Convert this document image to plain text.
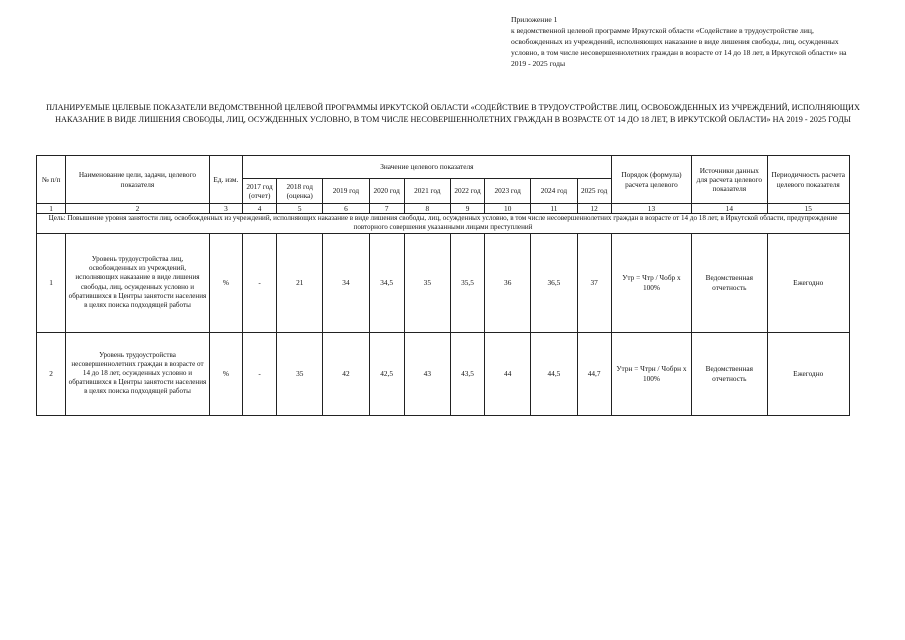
Приложение 1
к ведомственной целевой программе Иркутской области «Содействие в трудоустройстве лиц, освобожденных из учреждений, исполняющих наказание в виде лишения свободы, лиц, осужденных условно, в том числе несовершеннолетних граждан в возрасте от 14 до 18 лет, в Иркутской области» на 2019 - 2025 годы
ПЛАНИРУЕМЫЕ ЦЕЛЕВЫЕ ПОКАЗАТЕЛИ ВЕДОМСТВЕННОЙ ЦЕЛЕВОЙ ПРОГРАММЫ ИРКУТСКОЙ ОБЛАСТИ «СОДЕЙСТВИЕ В ТРУДОУСТРОЙСТВЕ ЛИЦ, ОСВОБОЖДЕННЫХ ИЗ УЧРЕЖДЕНИЙ, ИСПОЛНЯЮЩИХ НАКАЗАНИЕ В ВИДЕ ЛИШЕНИЯ СВОБОДЫ, ЛИЦ, ОСУЖДЕННЫХ УСЛОВНО, В ТОМ ЧИСЛЕ НЕСОВЕРШЕННОЛЕТНИХ ГРАЖДАН В ВОЗРАСТЕ ОТ 14 ДО 18 ЛЕТ, В ИРКУТСКОЙ ОБЛАСТИ» НА 2019 - 2025 ГОДЫ
№ п/п	Наименование цели, задачи, целевого показателя	Ед. изм.	Значение целевого показателя									Порядок (формула) расчета целевого	Источники данных для расчета целевого показателя	Периодичность расчета целевого показателя
			2017 год (отчет)	2018 год (оценка)	2019 год	2020 год	2021 год	2022 год	2023 год	2024 год	2025 год			
1	2	3	4	5	6	7	8	9	10	11	12	13	14	15
Цель: Повышение уровня занятости лиц, освобожденных из учреждений, исполняющих наказание в виде лишения свободы, лиц, осужденных условно, в том числе несовершеннолетних граждан в возрасте от 14 до 18 лет, в Иркутской области, предупреждение повторного совершения указанными лицами преступлений														
1	Уровень трудоустройства лиц, освобожденных из учреждений, исполняющих наказание в виде лишения свободы, лиц, осужденных условно и обратившихся в Центры занятости населения в целях поиска подходящей работы	%	-	21	34	34,5	35	35,5	36	36,5	37	Утр = Чтр / Чобр x 100%	Ведомственная отчетность	Ежегодно
2	Уровень трудоустройства несовершеннолетних граждан в возрасте от 14 до 18 лет, осужденных условно и обратившихся в Центры занятости населения в целях поиска подходящей работы	%	-	35	42	42,5	43	43,5	44	44,5	44,7	Утрн = Чтрн / Чобрн x 100%	Ведомственная отчетность	Ежегодно
